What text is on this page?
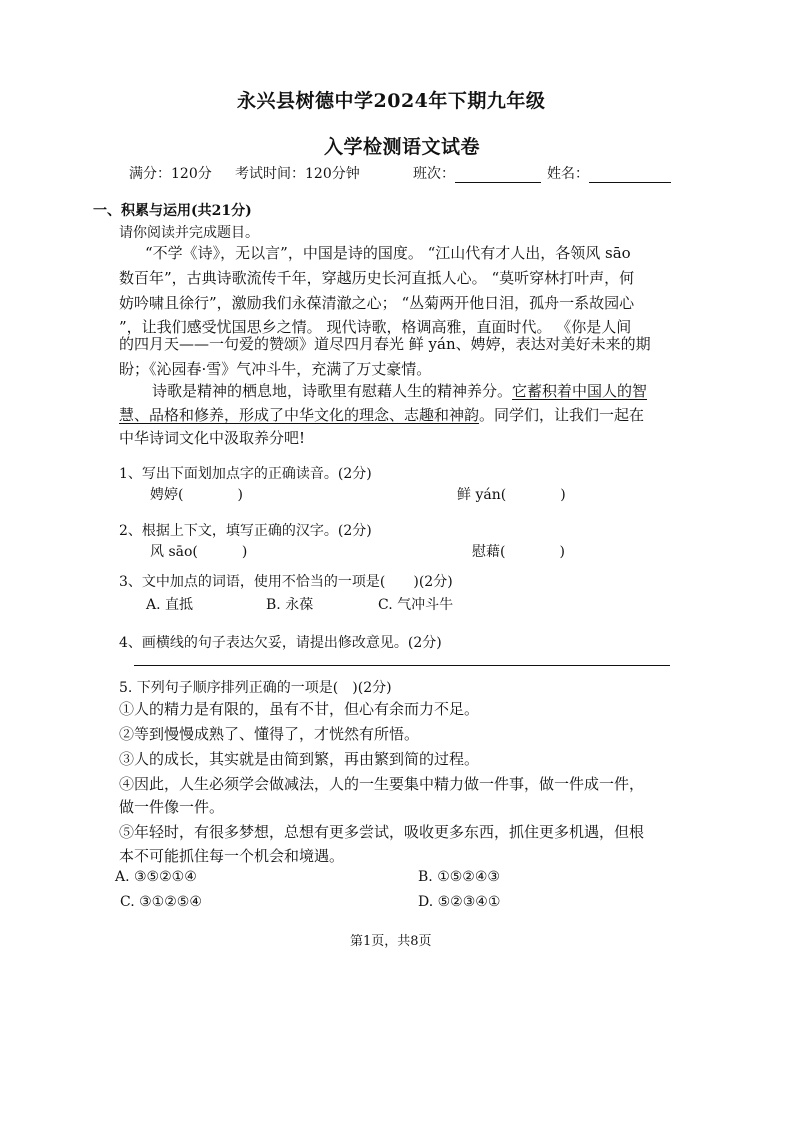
永兴县树德中学2024年下期九年级
入学检测语文试卷
满分：120分 考试时间：120分钟	班次：	姓名：
一、积累与运用(共21分)
请你阅读并完成题目。
“不学《诗》，无以言”，中国是诗的国度。 “江山代有才人出，各领风 sāo
数百年”，古典诗歌流传千年，穿越历史长河直抵人心。 “莫听穿林打叶声，何
妨吟啸且徐行”，激励我们永葆清澈之心； “丛菊两开他日泪，孤舟一系故园心
”，让我们感受忧国思乡之情。 现代诗歌，格调高雅，直面时代。 《你是人间
的四月天——一句爱的赞颂》道尽四月春光 鲜 yán、娉婷，表达对美好未来的期
盼；《沁园春·雪》气冲斗牛，充满了万丈豪情。
诗歌是精神的栖息地，诗歌里有慰藉人生的精神养分。它蓄积着中国人的智
慧、品格和修养，形成了中华文化的理念、志趣和神韵。同学们，让我们一起在
中华诗词文化中汲取养分吧!
1、写出下面划加点字的正确读音。(2分)
娉婷(	)	鲜 yán(	)
2、根据上下文，填写正确的汉字。(2分)
风 sāo(	)	慰藉(	)
3、文中加点的词语，使用不恰当的一项是(　　)(2分)
A. 直抵	B. 永葆	C. 气冲斗牛
4、画横线的句子表达欠妥，请提出修改意见。(2分)
5. 下列句子顺序排列正确的一项是(　)(2分)
①人的精力是有限的，虽有不甘，但心有余而力不足。
②等到慢慢成熟了、懂得了，才恍然有所悟。
③人的成长，其实就是由简到繁，再由繁到简的过程。
④因此，人生必须学会做减法，人的一生要集中精力做一件事，做一件成一件，
做一件像一件。
⑤年轻时，有很多梦想，总想有更多尝试，吸收更多东西，抓住更多机遇，但根
本不可能抓住每一个机会和境遇。
A. ③⑤②①④	B. ①⑤②④③
C. ③①②⑤④	D. ⑤②③④①
第1页，共8页
